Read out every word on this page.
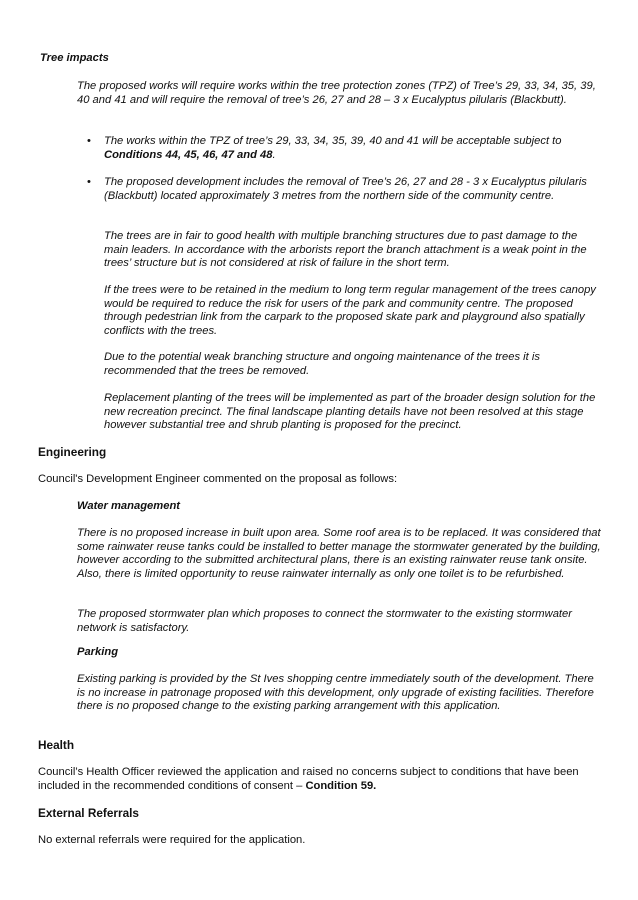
Tree impacts

The proposed works will require works within the tree protection zones (TPZ) of Tree’s 29, 33, 34, 35, 39, 40 and 41 and will require the removal of tree’s 26, 27 and 28 – 3 x Eucalyptus pilularis (Blackbutt).

• The works within the TPZ of tree’s 29, 33, 34, 35, 39, 40 and 41 will be acceptable subject to Conditions 44, 45, 46, 47 and 48.

• The proposed development includes the removal of Tree’s 26, 27 and 28 - 3 x Eucalyptus pilularis (Blackbutt) located approximately 3 metres from the northern side of the community centre.

The trees are in fair to good health with multiple branching structures due to past damage to the main leaders. In accordance with the arborists report the branch attachment is a weak point in the trees’ structure but is not considered at risk of failure in the short term.

If the trees were to be retained in the medium to long term regular management of the trees canopy would be required to reduce the risk for users of the park and community centre. The proposed through pedestrian link from the carpark to the proposed skate park and playground also spatially conflicts with the trees.

Due to the potential weak branching structure and ongoing maintenance of the trees it is recommended that the trees be removed.

Replacement planting of the trees will be implemented as part of the broader design solution for the new recreation precinct. The final landscape planting details have not been resolved at this stage however substantial tree and shrub planting is proposed for the precinct.

Engineering

Council's Development Engineer commented on the proposal as follows:

Water management

There is no proposed increase in built upon area. Some roof area is to be replaced. It was considered that some rainwater reuse tanks could be installed to better manage the stormwater generated by the building, however according to the submitted architectural plans, there is an existing rainwater reuse tank onsite. Also, there is limited opportunity to reuse rainwater internally as only one toilet is to be refurbished.

The proposed stormwater plan which proposes to connect the stormwater to the existing stormwater network is satisfactory.

Parking

Existing parking is provided by the St Ives shopping centre immediately south of the development. There is no increase in patronage proposed with this development, only upgrade of existing facilities. Therefore there is no proposed change to the existing parking arrangement with this application.

Health

Council’s Health Officer reviewed the application and raised no concerns subject to conditions that have been included in the recommended conditions of consent – Condition 59.

External Referrals

No external referrals were required for the application.
